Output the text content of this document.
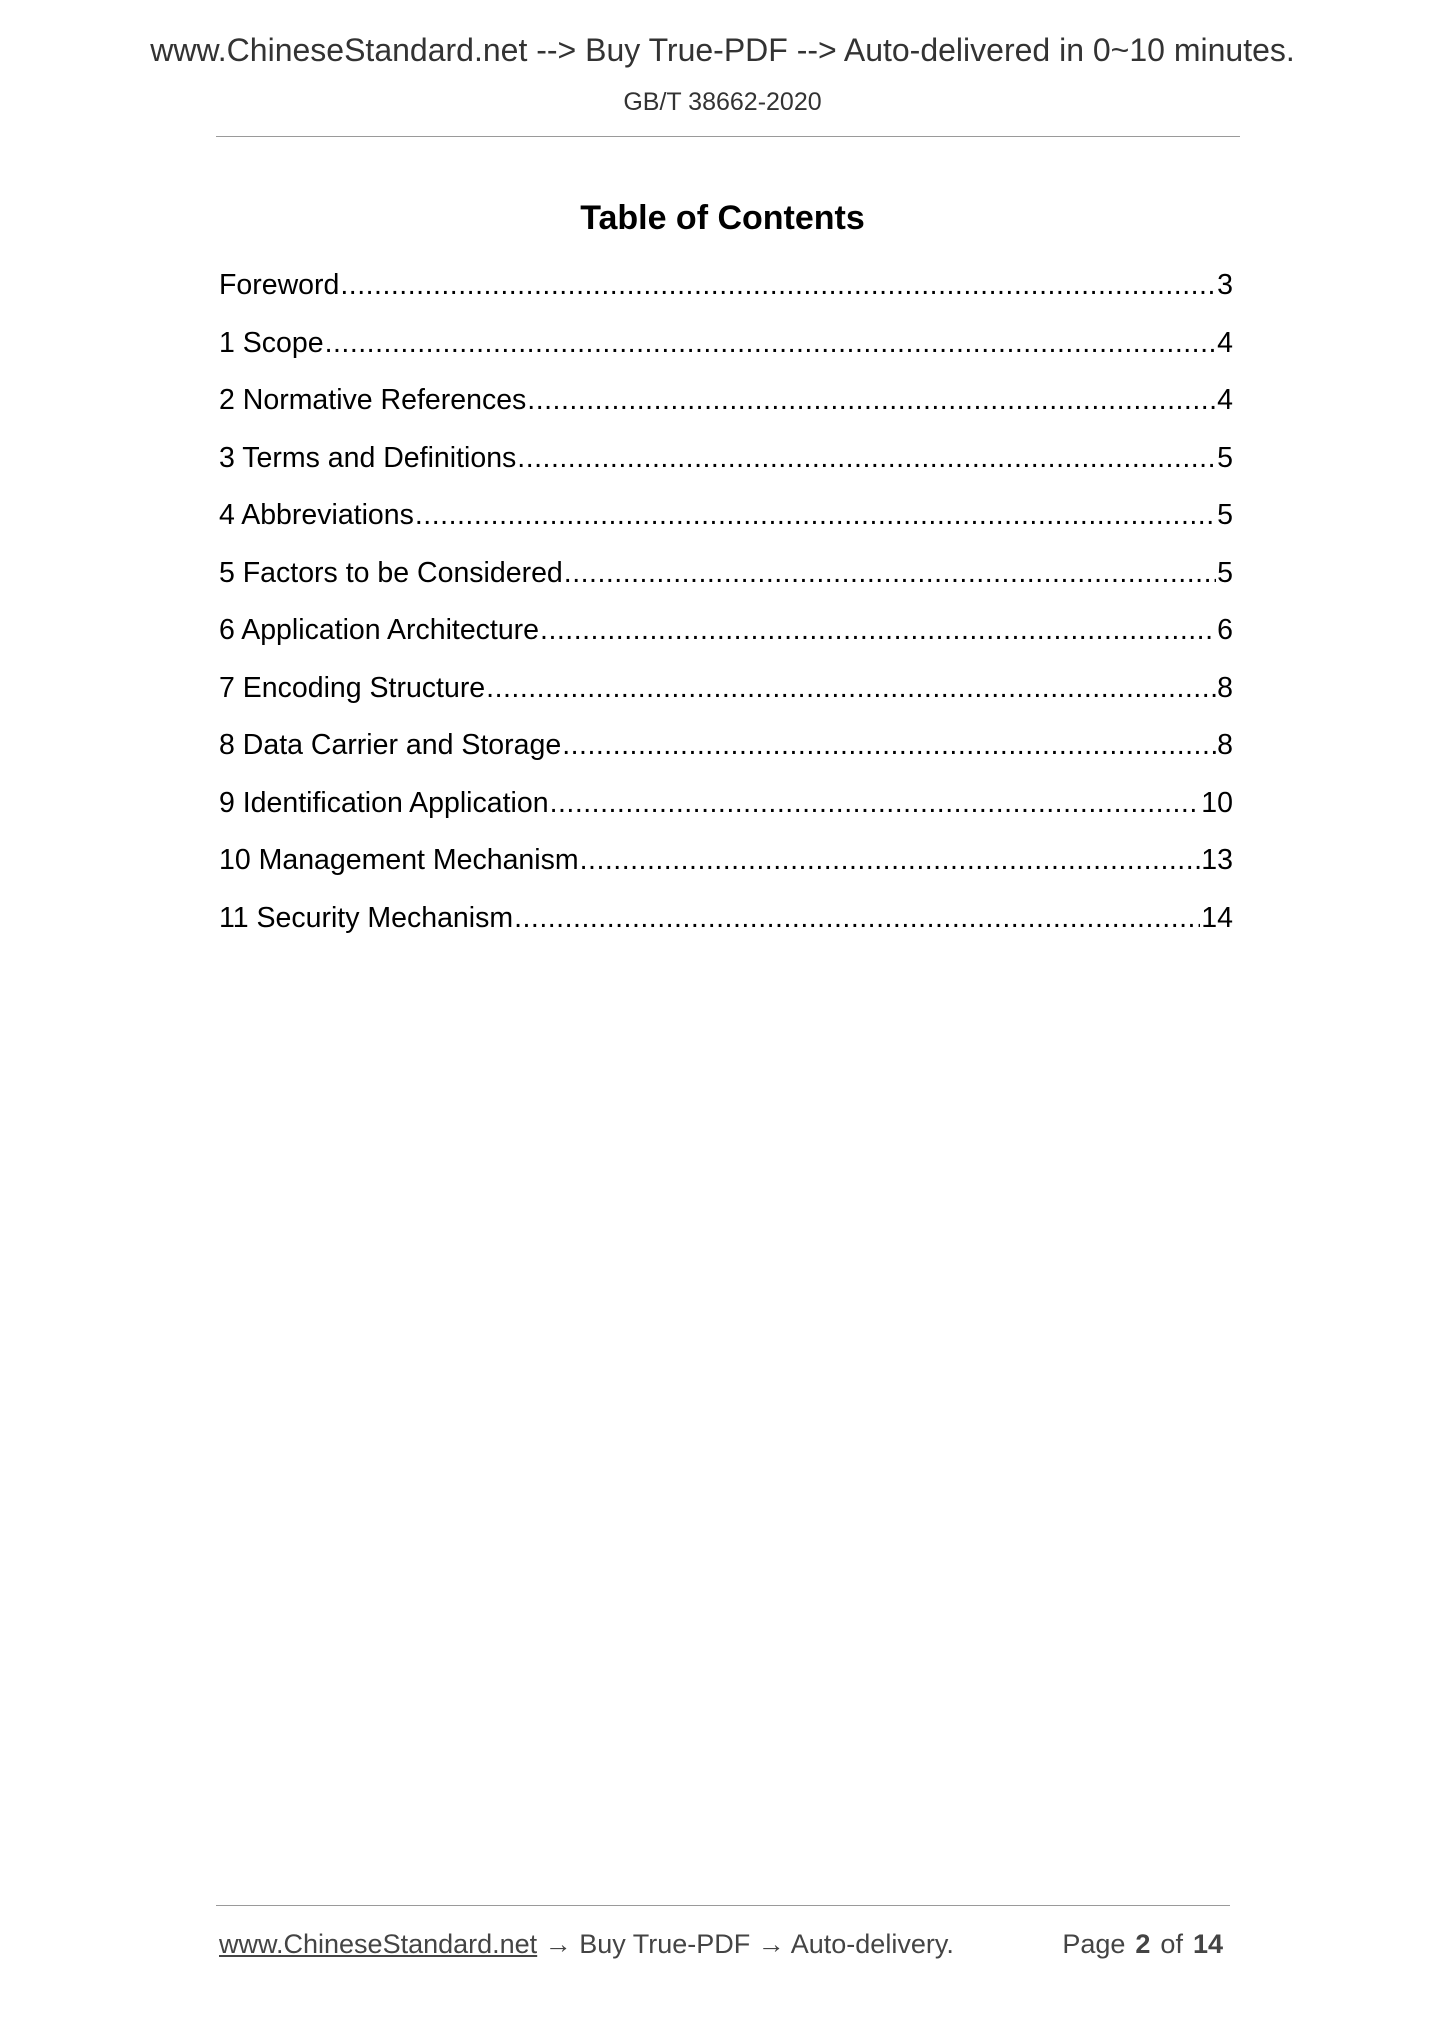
www.ChineseStandard.net --> Buy True-PDF --> Auto-delivered in 0~10 minutes.
GB/T 38662-2020
Table of Contents
Foreword .....	3
1 Scope .....	4
2 Normative References .....	4
3 Terms and Definitions .....	5
4 Abbreviations .....	5
5 Factors to be Considered .....	5
6 Application Architecture .....	6
7 Encoding Structure .....	8
8 Data Carrier and Storage .....	8
9 Identification Application .....	10
10 Management Mechanism .....	13
11 Security Mechanism .....	14
www.ChineseStandard.net → Buy True-PDF → Auto-delivery.	Page 2 of 14
